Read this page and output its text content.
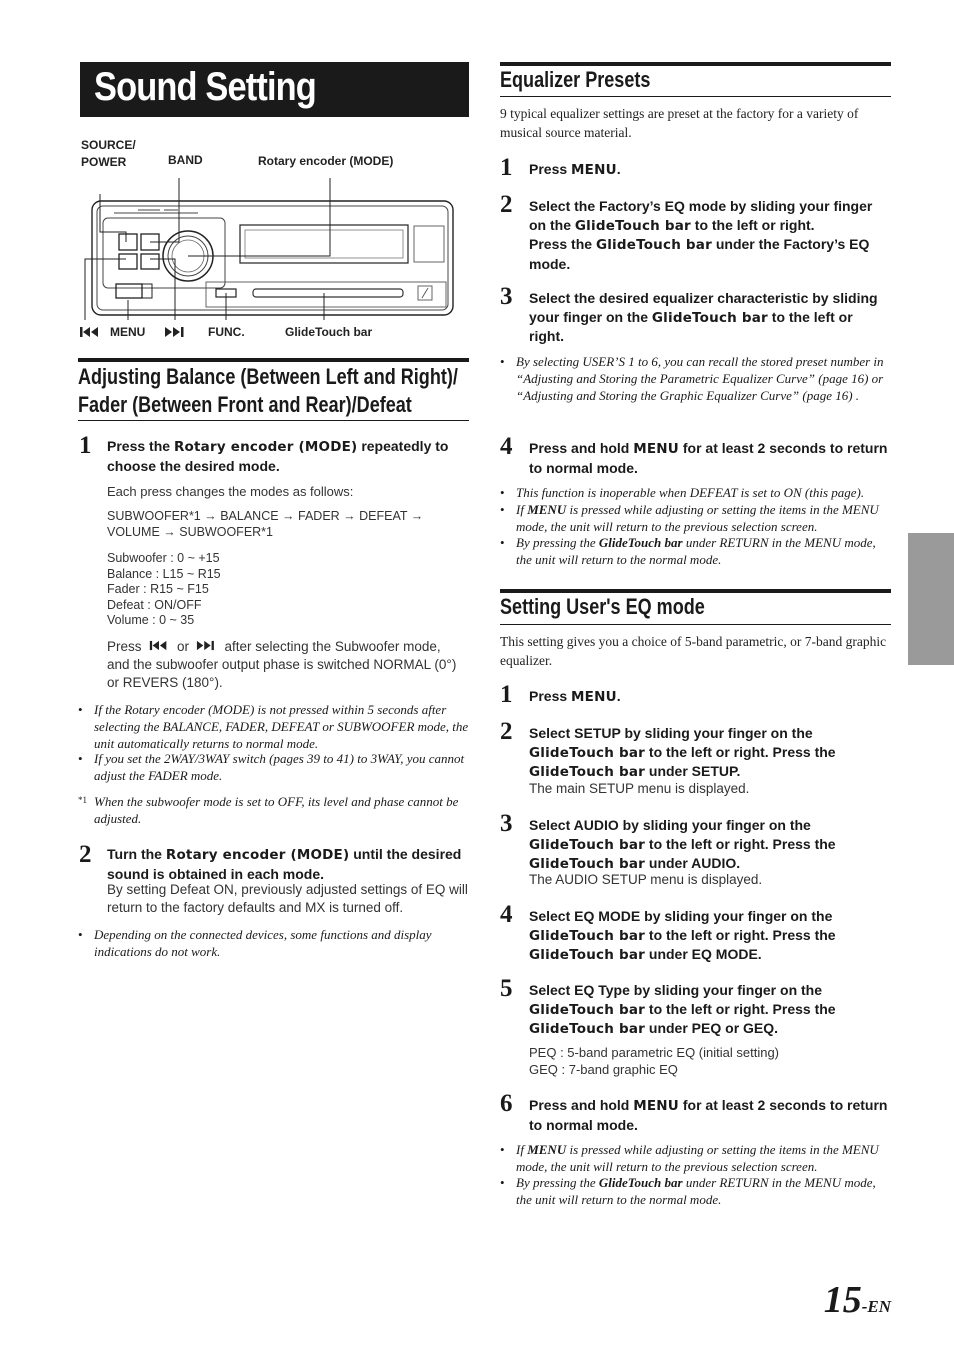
Sound Setting
SOURCE/
POWER	BAND	Rotary encoder (MODE)
MENU	FUNC.	GlideTouch bar
Adjusting Balance (Between Left and Right)/
Fader (Between Front and Rear)/Defeat
1 Press the Rotary encoder (MODE) repeatedly to choose the desired mode.
Each press changes the modes as follows:
SUBWOOFER*1 → BALANCE → FADER → DEFEAT →
VOLUME → SUBWOOFER*1
Subwoofer : 0 ~ +15
Balance : L15 ~ R15
Fader : R15 ~ F15
Defeat : ON/OFF
Volume : 0 ~ 35
Press  or  after selecting the Subwoofer mode, and the subwoofer output phase is switched NORMAL (0°) or REVERS (180°).
• If the Rotary encoder (MODE) is not pressed within 5 seconds after selecting the BALANCE, FADER, DEFEAT or SUBWOOFER mode, the unit automatically returns to normal mode.
• If you set the 2WAY/3WAY switch (pages 39 to 41) to 3WAY, you cannot adjust the FADER mode.
*1 When the subwoofer mode is set to OFF, its level and phase cannot be adjusted.
2 Turn the Rotary encoder (MODE) until the desired sound is obtained in each mode.
By setting Defeat ON, previously adjusted settings of EQ will return to the factory defaults and MX is turned off.
• Depending on the connected devices, some functions and display indications do not work.
Equalizer Presets
9 typical equalizer settings are preset at the factory for a variety of musical source material.
1 Press MENU.
2 Select the Factory’s EQ mode by sliding your finger on the GlideTouch bar to the left or right.
Press the GlideTouch bar under the Factory’s EQ mode.
3 Select the desired equalizer characteristic by sliding your finger on the GlideTouch bar to the left or right.
• By selecting USER’S 1 to 6, you can recall the stored preset number in “Adjusting and Storing the Parametric Equalizer Curve” (page 16) or “Adjusting and Storing the Graphic Equalizer Curve” (page 16) .
4 Press and hold MENU for at least 2 seconds to return to normal mode.
• This function is inoperable when DEFEAT is set to ON (this page).
• If MENU is pressed while adjusting or setting the items in the MENU mode, the unit will return to the previous selection screen.
• By pressing the GlideTouch bar under RETURN in the MENU mode, the unit will return to the normal mode.
Setting User's EQ mode
This setting gives you a choice of 5-band parametric, or 7-band graphic equalizer.
1 Press MENU.
2 Select SETUP by sliding your finger on the GlideTouch bar to the left or right. Press the GlideTouch bar under SETUP.
The main SETUP menu is displayed.
3 Select AUDIO by sliding your finger on the GlideTouch bar to the left or right. Press the GlideTouch bar under AUDIO.
The AUDIO SETUP menu is displayed.
4 Select EQ MODE by sliding your finger on the GlideTouch bar to the left or right. Press the GlideTouch bar under EQ MODE.
5 Select EQ Type by sliding your finger on the GlideTouch bar to the left or right. Press the GlideTouch bar under PEQ or GEQ.
PEQ : 5-band parametric EQ (initial setting)
GEQ : 7-band graphic EQ
6 Press and hold MENU for at least 2 seconds to return to normal mode.
• If MENU is pressed while adjusting or setting the items in the MENU mode, the unit will return to the previous selection screen.
• By pressing the GlideTouch bar under RETURN in the MENU mode, the unit will return to the normal mode.
15-EN
